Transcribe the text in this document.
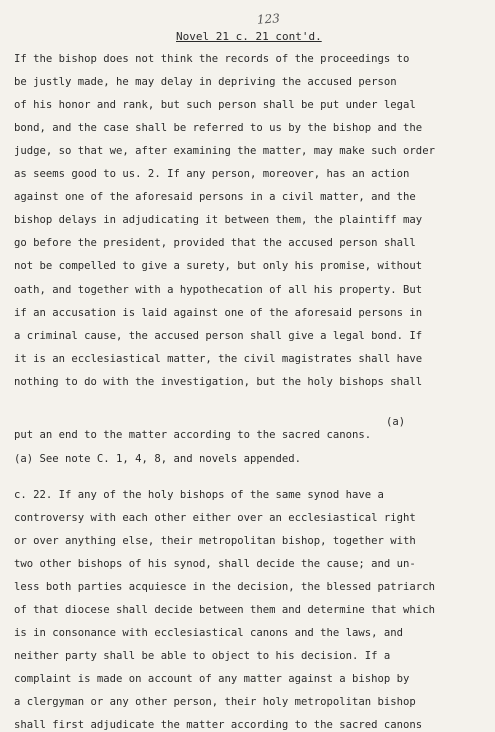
123
Novel 21 c. 21 cont'd.
If the bishop does not think the records of the proceedings to
be justly made, he may delay in depriving the accused person
of his honor and rank, but such person shall be put under legal
bond, and the case shall be referred to us by the bishop and the
judge, so that we, after examining the matter, may make such order
as seems good to us. 2. If any person, moreover, has an action
against one of the aforesaid persons in a civil matter, and the
bishop delays in adjudicating it between them, the plaintiff may
go before the president, provided that the accused person shall
not be compelled to give a surety, but only his promise, without
oath, and together with a hypothecation of all his property. But
if an accusation is laid against one of the aforesaid persons in
a criminal cause, the accused person shall give a legal bond. If
it is an ecclesiastical matter, the civil magistrates shall have
nothing to do with the investigation, but the holy bishops shall
(a)
put an end to the matter according to the sacred canons.
(a) See note C. 1, 4, 8, and novels appended.
c. 22. If any of the holy bishops of the same synod have a
controversy with each other either over an ecclesiastical right
or over anything else, their metropolitan bishop, together with
two other bishops of his synod, shall decide the cause; and un-
less both parties acquiesce in the decision, the blessed patriarch
of that diocese shall decide between them and determine that which
is in consonance with ecclesiastical canons and the laws, and
neither party shall be able to object to his decision. If a
complaint is made on account of any matter against a bishop by
a clergyman or any other person, their holy metropolitan bishop
shall first adjudicate the matter according to the sacred canons
